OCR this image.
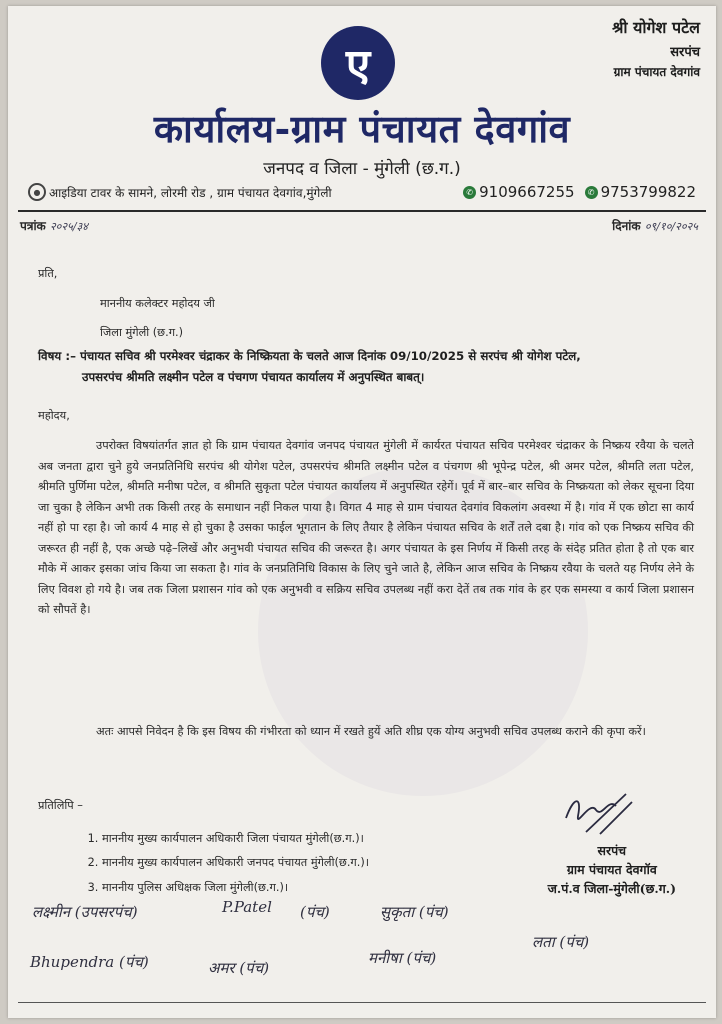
श्री योगेश पटेल
सरपंच
ग्राम पंचायत देवगांव
ए
कार्यालय-ग्राम पंचायत देवगांव
जनपद व जिला - मुंगेली (छ.ग.)
● आइडिया टावर के सामने, लोरमी रोड , ग्राम पंचायत देवगांव,मुंगेली	✆ 9109667255	✆ 9753799822
पत्रांक २०२५/३४	दिनांक ०९/१०/२०२५
प्रति,
माननीय कलेक्टर महोदय जी
जिला मुंगेली (छ.ग.)
विषय :– पंचायत सचिव श्री परमेश्वर चंद्राकर के निष्क्रियता के चलते आज दिनांक 09/10/2025 से सरपंच श्री योगेश पटेल,
उपसरपंच श्रीमति लक्ष्मीन पटेल व पंचगण पंचायत कार्यालय में अनुपस्थित बाबत्।
महोदय,

उपरोक्त विषयांतर्गत ज्ञात हो कि ग्राम पंचायत देवगांव जनपद पंचायत मुंगेली में कार्यरत पंचायत सचिव परमेश्वर चंद्राकर के निष्क्रय रवैया के चलते अब जनता द्वारा चुने हुये जनप्रतिनिधि सरपंच श्री योगेश पटेल, उपसरपंच श्रीमति लक्ष्मीन पटेल व पंचगण श्री भूपेन्द्र पटेल, श्री अमर पटेल, श्रीमति लता पटेल, श्रीमति पुर्णिमा पटेल, श्रीमति मनीषा पटेल, व श्रीमति सुकृता पटेल पंचायत कार्यालय में अनुपस्थित रहेगें। पूर्व में बार–बार सचिव के निष्क्रयता को लेकर सूचना दिया जा चुका है लेकिन अभी तक किसी तरह के समाधान नहीं निकल पाया है। विगत 4 माह से ग्राम पंचायत देवगांव विकलांग अवस्था में है। गांव में एक छोटा सा कार्य नहीं हो पा रहा है। जो कार्य 4 माह से हो चुका है उसका फाईल भूगतान के लिए तैयार है लेकिन पंचायत सचिव के शर्तें तले दबा है। गांव को एक निष्क्रय सचिव की जरूरत ही नहीं है, एक अच्छे पढ़े–लिखें और अनुभवी पंचायत सचिव की जरूरत है। अगर पंचायत के इस निर्णय में किसी तरह के संदेह प्रतित होता है तो एक बार मौके में आकर इसका जांच किया जा सकता है। गांव के जनप्रतिनिधि विकास के लिए चुने जाते है, लेकिन आज सचिव के निष्क्रय रवैया के चलते यह निर्णय लेने के लिए विवश हो गये है। जब तक जिला प्रशासन गांव को एक अनुभवी व सक्रिय सचिव उपलब्ध नहीं करा देतें तब तक गांव के हर एक समस्या व कार्य जिला प्रशासन को सौपतें है।

अतः आपसे निवेदन है कि इस विषय की गंभीरता को ध्यान में रखते हुयें अति शीघ्र एक योग्य अनुभवी सचिव उपलब्ध कराने की कृपा करें।

प्रतिलिपि –
1. माननीय मुख्य कार्यपालन अधिकारी जिला पंचायत मुंगेली(छ.ग.)।
2. माननीय मुख्य कार्यपालन अधिकारी जनपद पंचायत मुंगेली(छ.ग.)।
3. माननीय पुलिस अधिक्षक जिला मुंगेली(छ.ग.)।
सरपंच
ग्राम पंचायत देवगॉव
ज.पं.व जिला-मुंगेली(छ.ग.)
लक्ष्मीन (उपसरपंच)	P.Patel (पंच)	सुकृता (पंच)
लता (पंच)
Bhupendra (पंच)	अमर (पंच)
मनीषा (पंच)
